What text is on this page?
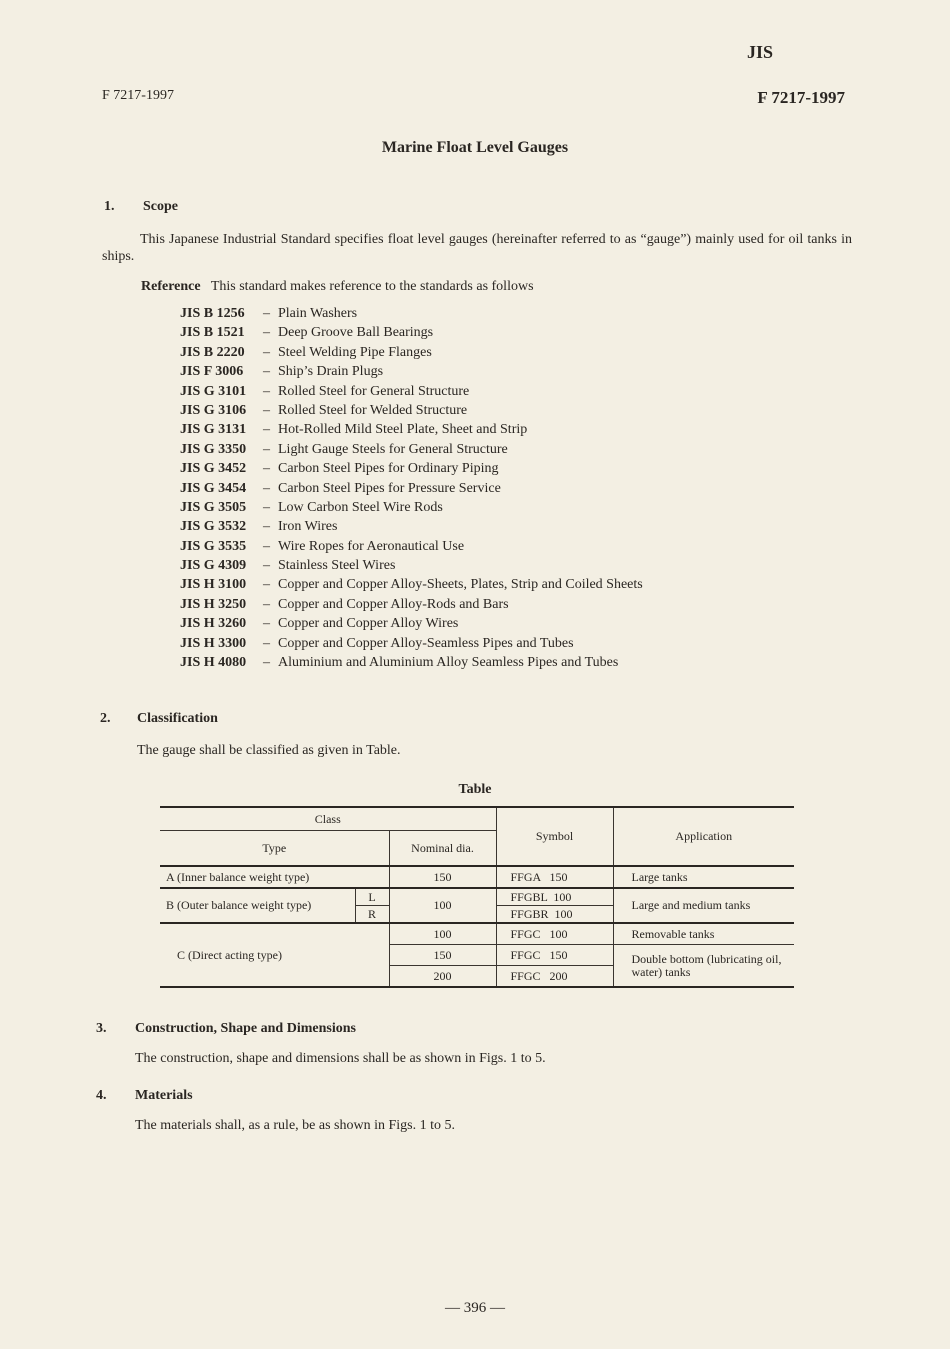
JIS
F 7217-1997	F 7217-1997
Marine Float Level Gauges
1. Scope
This Japanese Industrial Standard specifies float level gauges (hereinafter referred to as “gauge”) mainly used for oil tanks in ships.
Reference This standard makes reference to the standards as follows
JIS B 1256 – Plain Washers
JIS B 1521 – Deep Groove Ball Bearings
JIS B 2220 – Steel Welding Pipe Flanges
JIS F 3006 – Ship’s Drain Plugs
JIS G 3101 – Rolled Steel for General Structure
JIS G 3106 – Rolled Steel for Welded Structure
JIS G 3131 – Hot-Rolled Mild Steel Plate, Sheet and Strip
JIS G 3350 – Light Gauge Steels for General Structure
JIS G 3452 – Carbon Steel Pipes for Ordinary Piping
JIS G 3454 – Carbon Steel Pipes for Pressure Service
JIS G 3505 – Low Carbon Steel Wire Rods
JIS G 3532 – Iron Wires
JIS G 3535 – Wire Ropes for Aeronautical Use
JIS G 4309 – Stainless Steel Wires
JIS H 3100 – Copper and Copper Alloy-Sheets, Plates, Strip and Coiled Sheets
JIS H 3250 – Copper and Copper Alloy-Rods and Bars
JIS H 3260 – Copper and Copper Alloy Wires
JIS H 3300 – Copper and Copper Alloy-Seamless Pipes and Tubes
JIS H 4080 – Aluminium and Aluminium Alloy Seamless Pipes and Tubes
2. Classification
The gauge shall be classified as given in Table.
Table
Class			Symbol	Application
Type		Nominal dia.		
A (Inner balance weight type)		150	FFGA   150	Large tanks
B (Outer balance weight type)	L	100	FFGBL  100	Large and medium tanks
	R		FFGBR  100	
C (Direct acting type)		100	FFGC   100	Removable tanks
		150	FFGC   150	Double bottom (lubricating oil, water) tanks
		200	FFGC   200	
3. Construction, Shape and Dimensions
The construction, shape and dimensions shall be as shown in Figs. 1 to 5.
4. Materials
The materials shall, as a rule, be as shown in Figs. 1 to 5.
— 396 —
